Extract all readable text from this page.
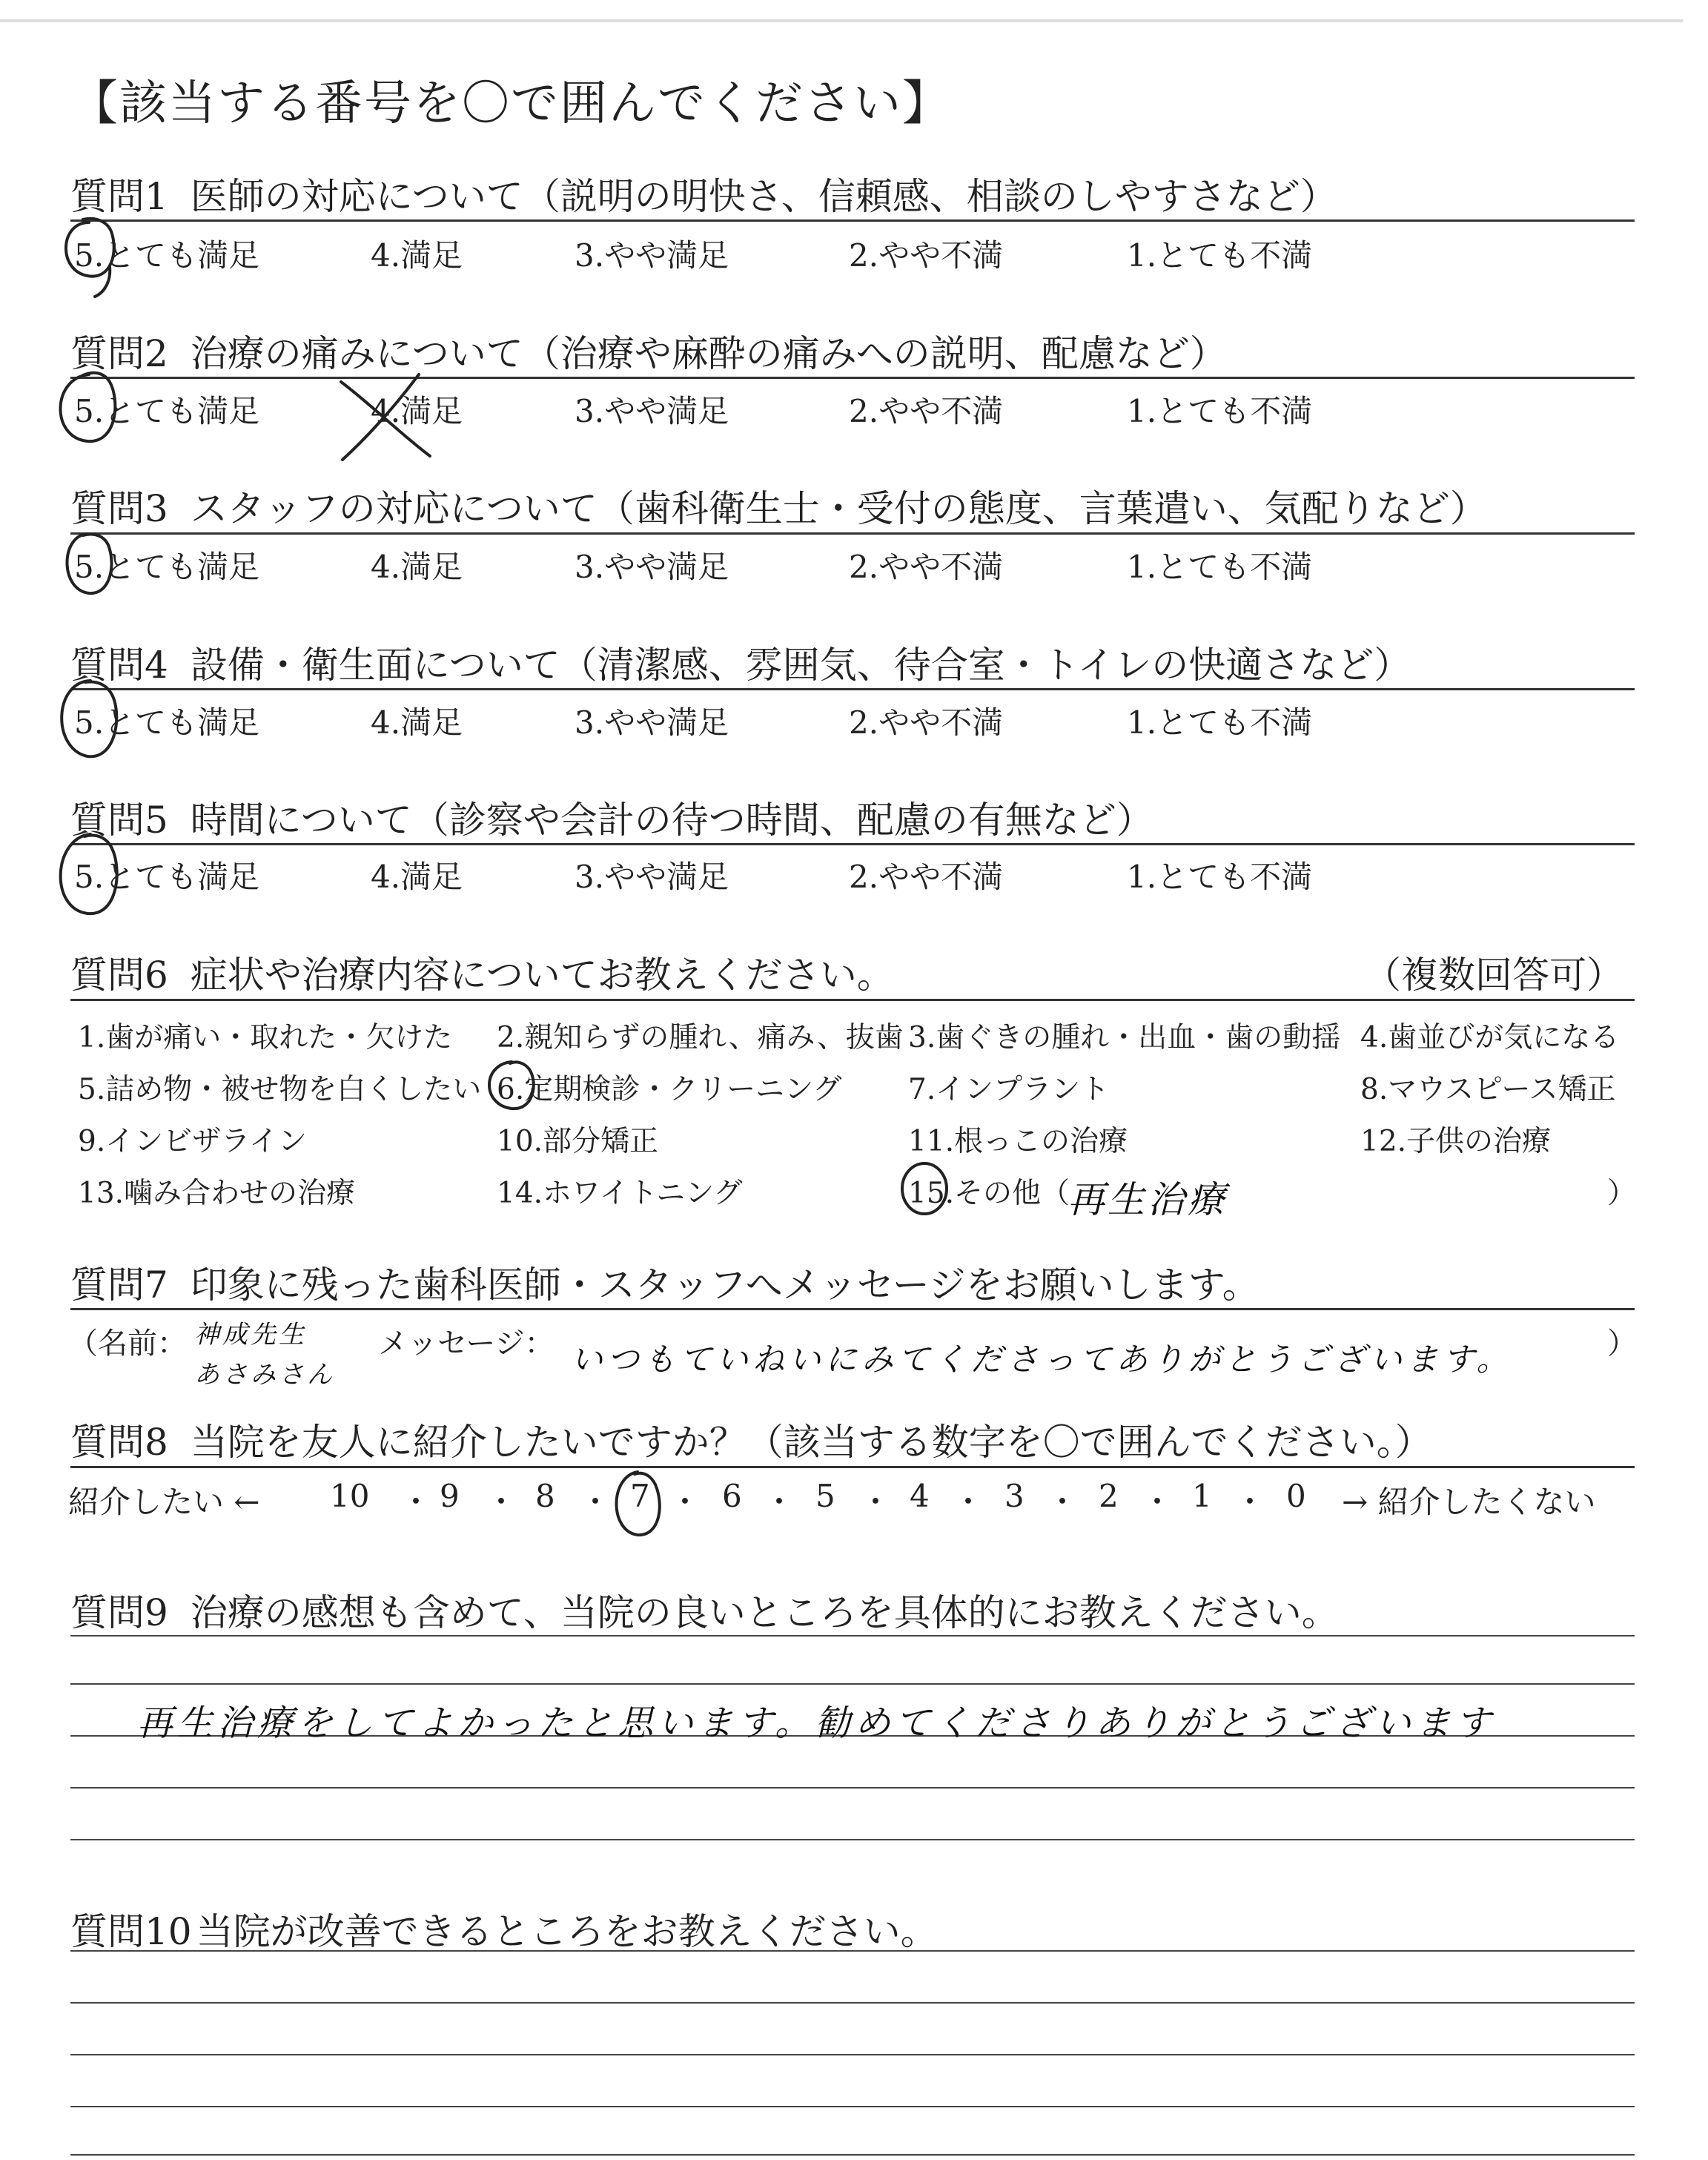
【該当する番号を〇で囲んでください】
質問1 医師の対応について（説明の明快さ、信頼感、相談のしやすさなど）
5.とても満足	4.満足	3.やや満足	2.やや不満	1.とても不満
質問2 治療の痛みについて（治療や麻酔の痛みへの説明、配慮など）
5.とても満足	4.満足	3.やや満足	2.やや不満	1.とても不満
質問3 スタッフの対応について（歯科衛生士・受付の態度、言葉遣い、気配りなど）
5.とても満足	4.満足	3.やや満足	2.やや不満	1.とても不満
質問4 設備・衛生面について（清潔感、雰囲気、待合室・トイレの快適さなど）
5.とても満足	4.満足	3.やや満足	2.やや不満	1.とても不満
質問5 時間について（診察や会計の待つ時間、配慮の有無など）
5.とても満足	4.満足	3.やや満足	2.やや不満	1.とても不満
質問6 症状や治療内容についてお教えください。	（複数回答可）
1.歯が痛い・取れた・欠けた 2.親知らずの腫れ、痛み、抜歯 3.歯ぐきの腫れ・出血・歯の動揺 4.歯並びが気になる
5.詰め物・被せ物を白くしたい 6.定期検診・クリーニング 7.インプラント	8.マウスピース矯正
9.インビザライン	10.部分矯正	11.根っこの治療	12.子供の治療
13.噛み合わせの治療	14.ホワイトニング	15.その他（
再生治療	）
質問7 印象に残った歯科医師・スタッフへメッセージをお願いします。
（名前： 神成先生
あさみさん
メッセージ： いつもていねいにみてくださってありがとうございます。	）
質問8 当院を友人に紹介したいですか？（該当する数字を〇で囲んでください。）
紹介したい ← 10 ・ 9 ・ 8 ・ 7 ・ 6 ・ 5 ・ 4 ・ 3 ・ 2 ・ 1 ・ 0 → 紹介したくない
質問9 治療の感想も含めて、当院の良いところを具体的にお教えください。
再生治療をしてよかったと思います。勧めてくださりありがとうございます
質問10 当院が改善できるところをお教えください。
